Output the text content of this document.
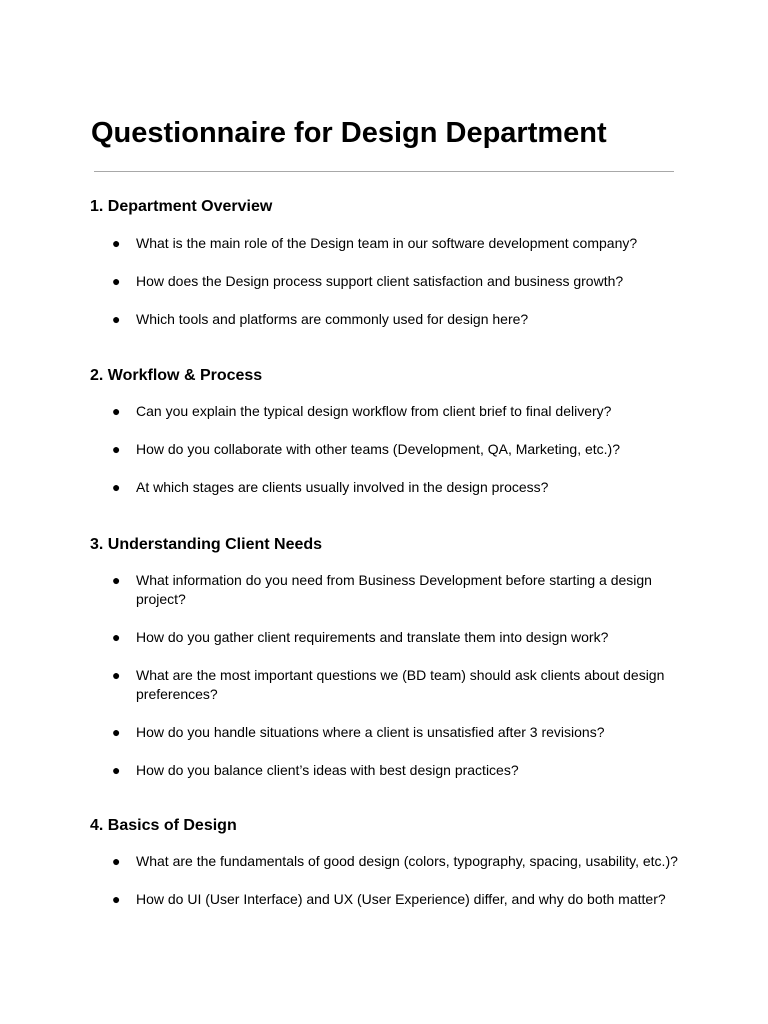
Questionnaire for Design Department
1. Department Overview
● What is the main role of the Design team in our software development company?
● How does the Design process support client satisfaction and business growth?
● Which tools and platforms are commonly used for design here?
2. Workflow & Process
● Can you explain the typical design workflow from client brief to final delivery?
● How do you collaborate with other teams (Development, QA, Marketing, etc.)?
● At which stages are clients usually involved in the design process?
3. Understanding Client Needs
● What information do you need from Business Development before starting a design project?
● How do you gather client requirements and translate them into design work?
● What are the most important questions we (BD team) should ask clients about design preferences?
● How do you handle situations where a client is unsatisfied after 3 revisions?
● How do you balance client’s ideas with best design practices?
4. Basics of Design
● What are the fundamentals of good design (colors, typography, spacing, usability, etc.)?
● How do UI (User Interface) and UX (User Experience) differ, and why do both matter?
